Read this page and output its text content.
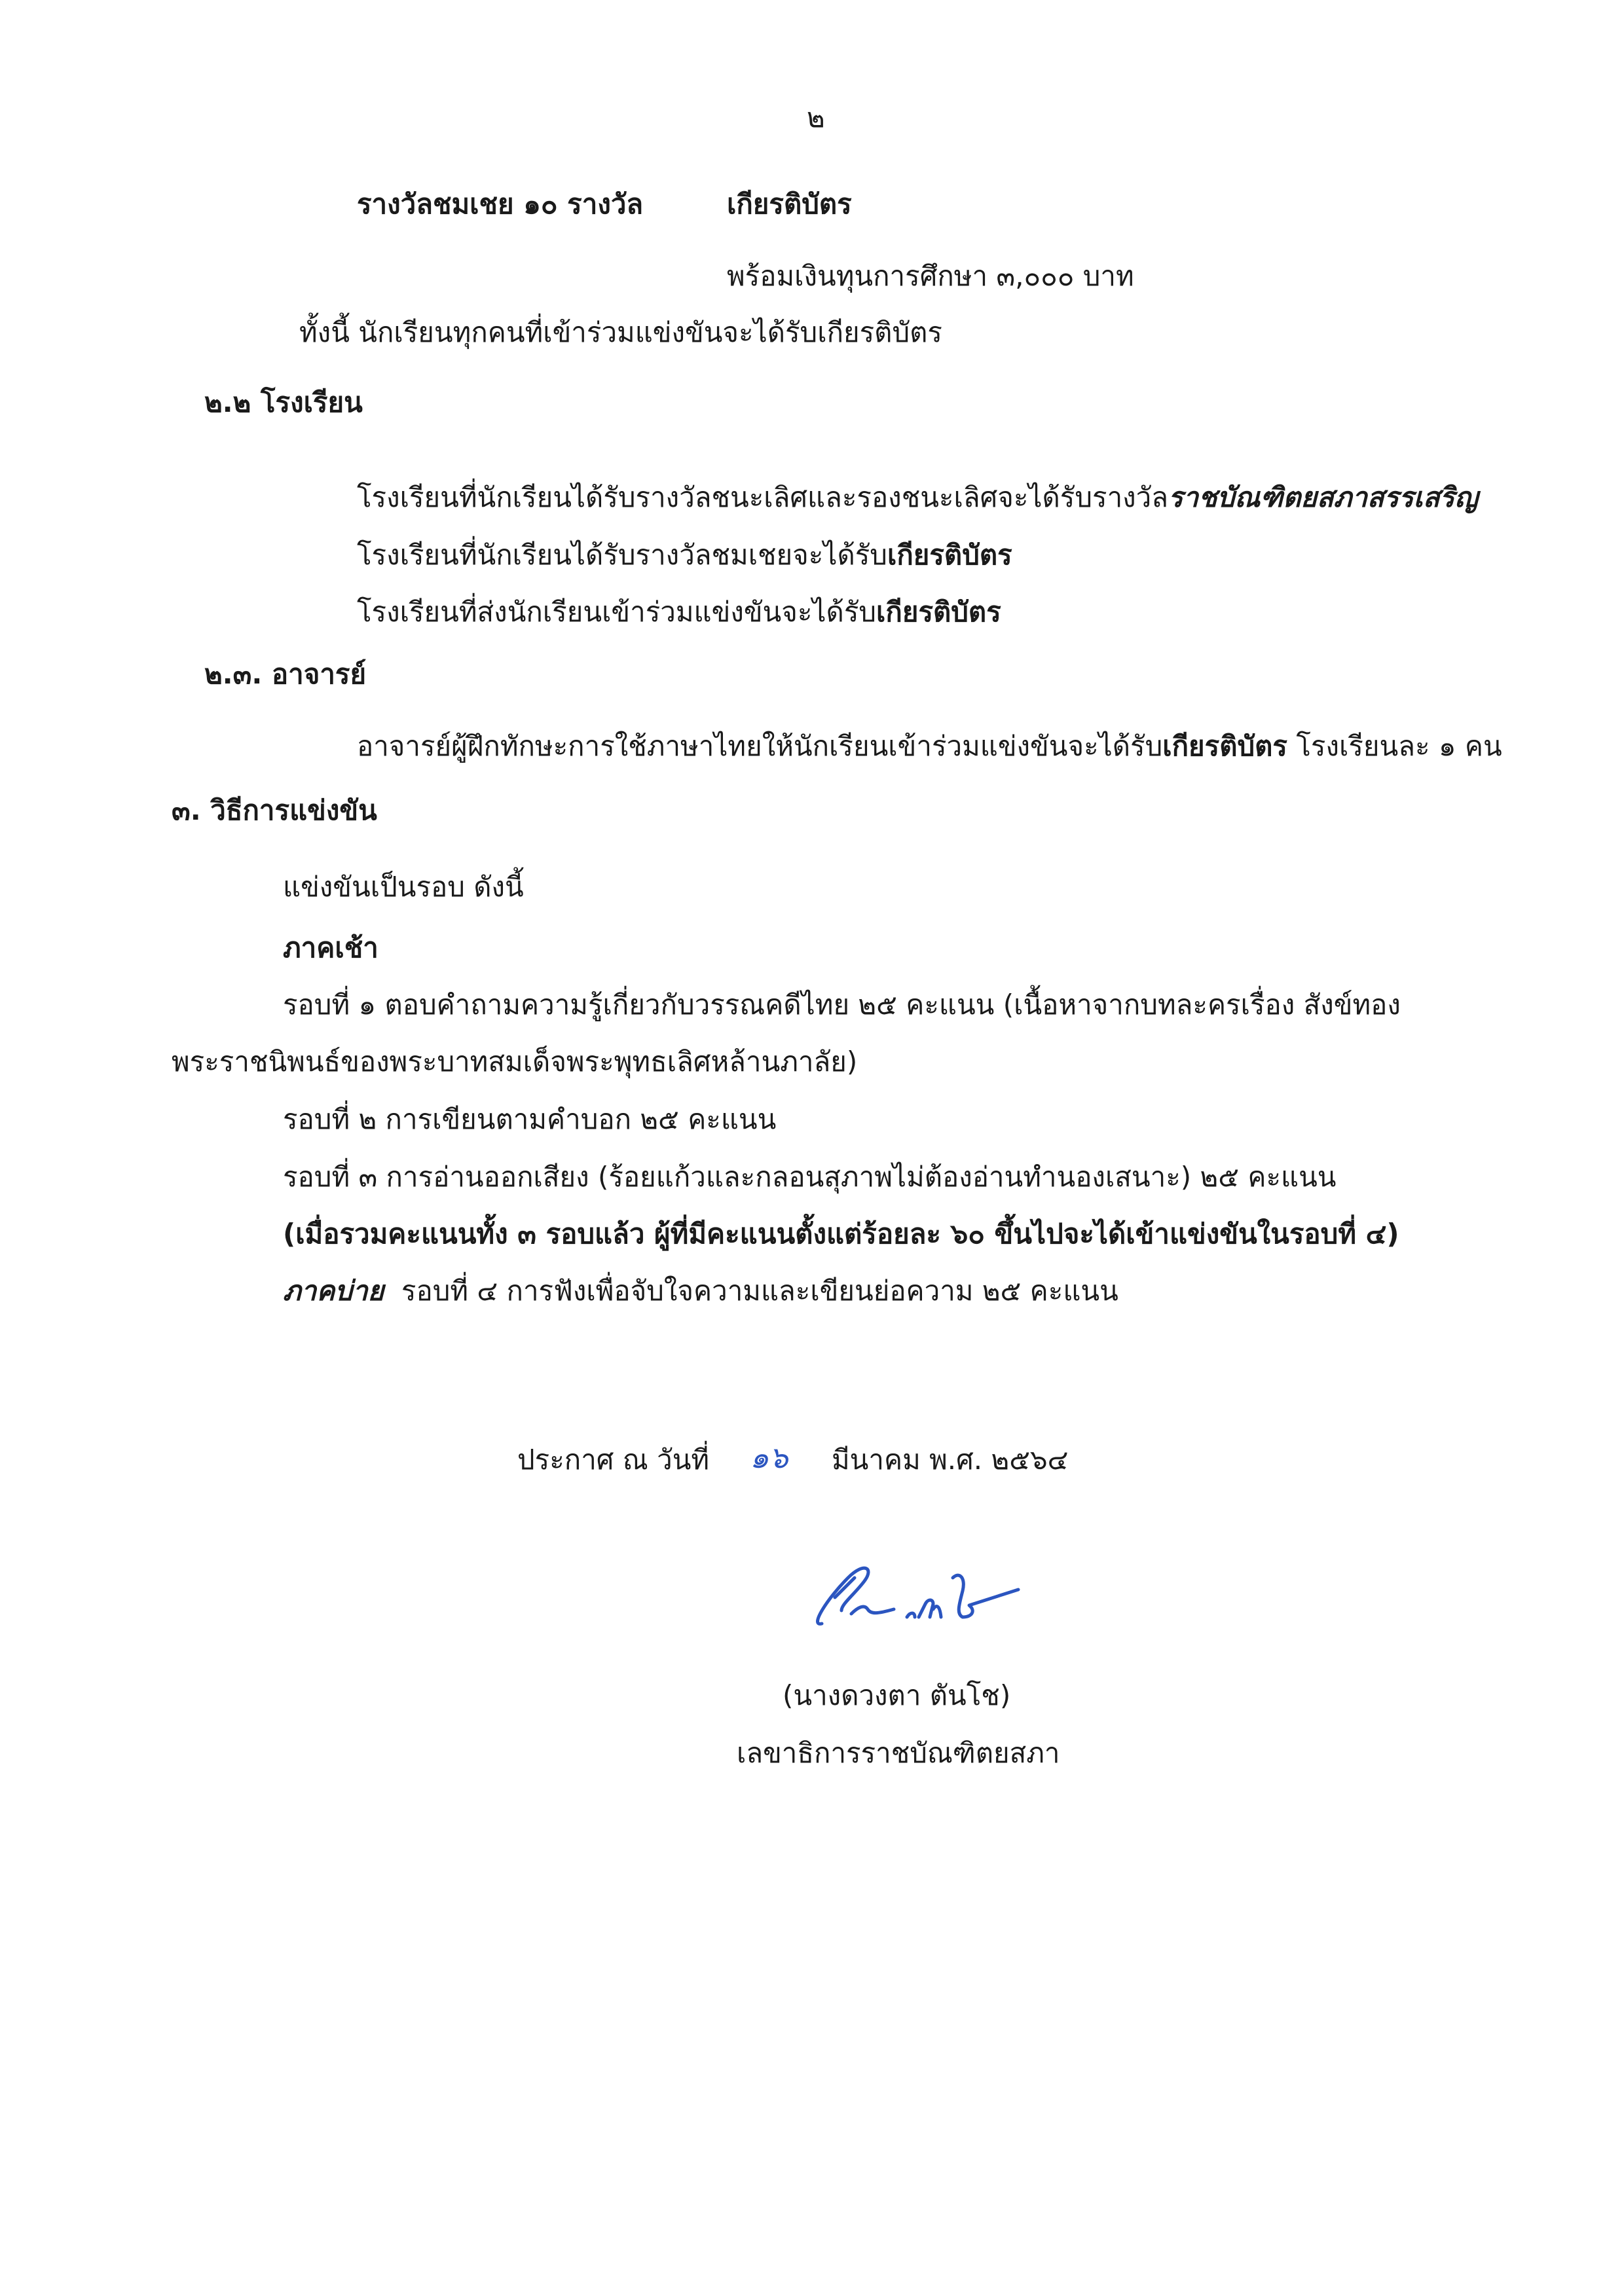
๒
รางวัลชมเชย ๑๐ รางวัล	เกียรติบัตร
พร้อมเงินทุนการศึกษา ๓,๐๐๐ บาท
ทั้งนี้ นักเรียนทุกคนที่เข้าร่วมแข่งขันจะได้รับเกียรติบัตร
๒.๒ โรงเรียน
โรงเรียนที่นักเรียนได้รับรางวัลชนะเลิศและรองชนะเลิศจะได้รับรางวัลราชบัณฑิตยสภาสรรเสริญ
โรงเรียนที่นักเรียนได้รับรางวัลชมเชยจะได้รับเกียรติบัตร
โรงเรียนที่ส่งนักเรียนเข้าร่วมแข่งขันจะได้รับเกียรติบัตร
๒.๓. อาจารย์
อาจารย์ผู้ฝึกทักษะการใช้ภาษาไทยให้นักเรียนเข้าร่วมแข่งขันจะได้รับเกียรติบัตร โรงเรียนละ ๑ คน
๓. วิธีการแข่งขัน
แข่งขันเป็นรอบ ดังนี้
ภาคเช้า
รอบที่ ๑ ตอบคำถามความรู้เกี่ยวกับวรรณคดีไทย ๒๕ คะแนน (เนื้อหาจากบทละครเรื่อง สังข์ทอง
พระราชนิพนธ์ของพระบาทสมเด็จพระพุทธเลิศหล้านภาลัย)
รอบที่ ๒ การเขียนตามคำบอก ๒๕ คะแนน
รอบที่ ๓ การอ่านออกเสียง (ร้อยแก้วและกลอนสุภาพไม่ต้องอ่านทำนองเสนาะ) ๒๕ คะแนน
(เมื่อรวมคะแนนทั้ง ๓ รอบแล้ว ผู้ที่มีคะแนนตั้งแต่ร้อยละ ๖๐ ขึ้นไปจะได้เข้าแข่งขันในรอบที่ ๔)
ภาคบ่าย รอบที่ ๔ การฟังเพื่อจับใจความและเขียนย่อความ ๒๕ คะแนน
ประกาศ ณ วันที่ ๑๖ มีนาคม พ.ศ. ๒๕๖๔
(นางดวงตา ตันโช)
เลขาธิการราชบัณฑิตยสภา
